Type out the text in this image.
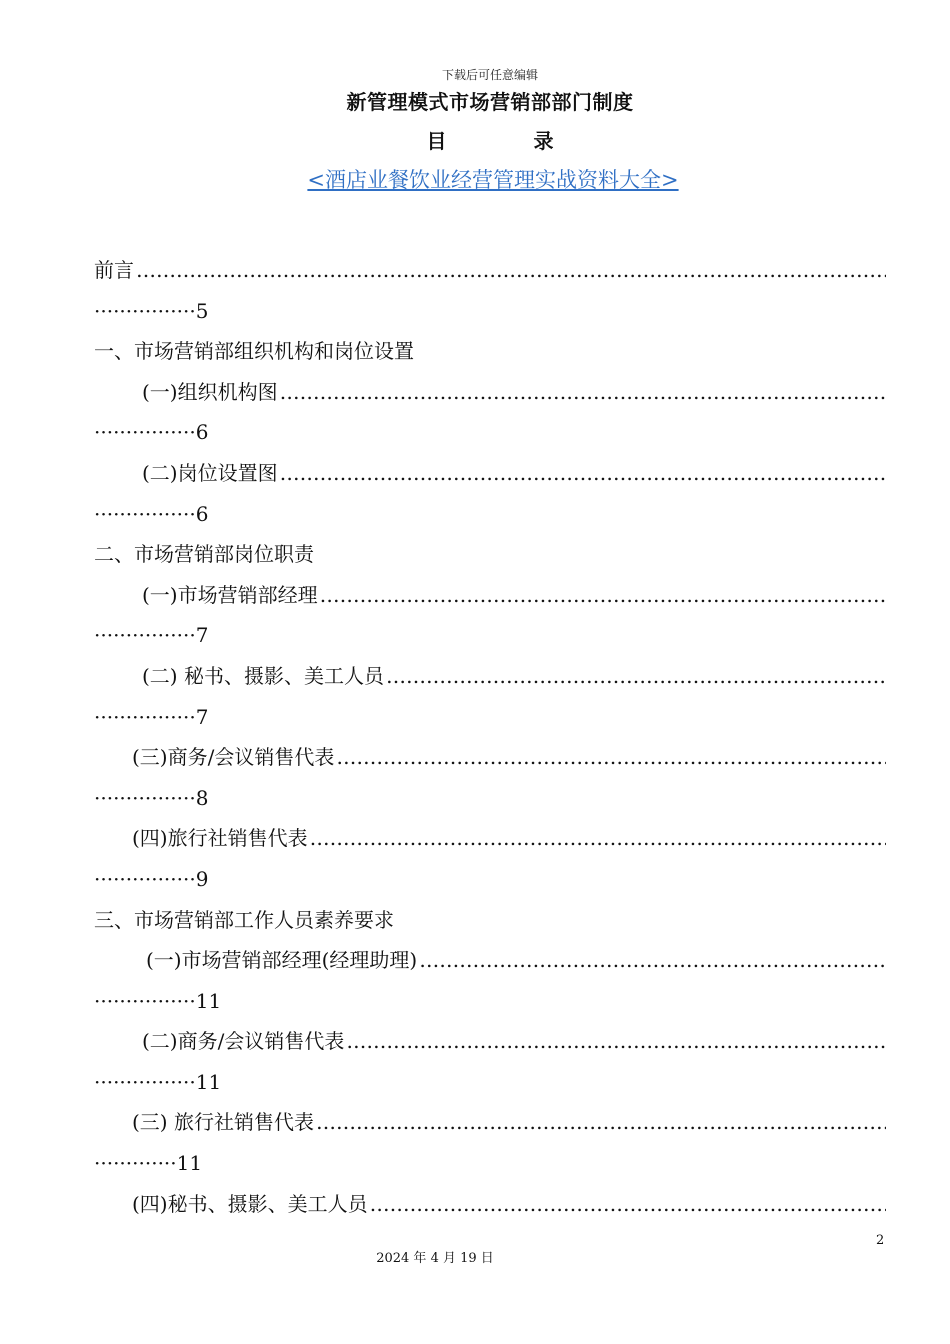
下载后可任意编辑
新管理模式市场营销部部门制度
目 录
<酒店业餐饮业经营管理实战资料大全>
前言
…………………………………………………………………………………………………………………………………………………………………………………………
················5
一、市场营销部组织机构和岗位设置
(一)组织机构图
…………………………………………………………………………………………………………………………………………………………………………………………
················6
(二)岗位设置图
…………………………………………………………………………………………………………………………………………………………………………………………
················6
二、市场营销部岗位职责
(一)市场营销部经理
…………………………………………………………………………………………………………………………………………………………………………………………
················7
(二) 秘书、摄影、美工人员
…………………………………………………………………………………………………………………………………………………………………………………………
················7
(三)商务/会议销售代表
…………………………………………………………………………………………………………………………………………………………………………………………
················8
(四)旅行社销售代表
…………………………………………………………………………………………………………………………………………………………………………………………
················9
三、市场营销部工作人员素养要求
(一)市场营销部经理(经理助理)
…………………………………………………………………………………………………………………………………………………………………………………………
················11
(二)商务/会议销售代表
…………………………………………………………………………………………………………………………………………………………………………………………
················11
(三) 旅行社销售代表
…………………………………………………………………………………………………………………………………………………………………………………………
·············11
(四)秘书、摄影、美工人员
…………………………………………………………………………………………………………………………………………………………………………………………
2
2024 年 4 月 19 日
